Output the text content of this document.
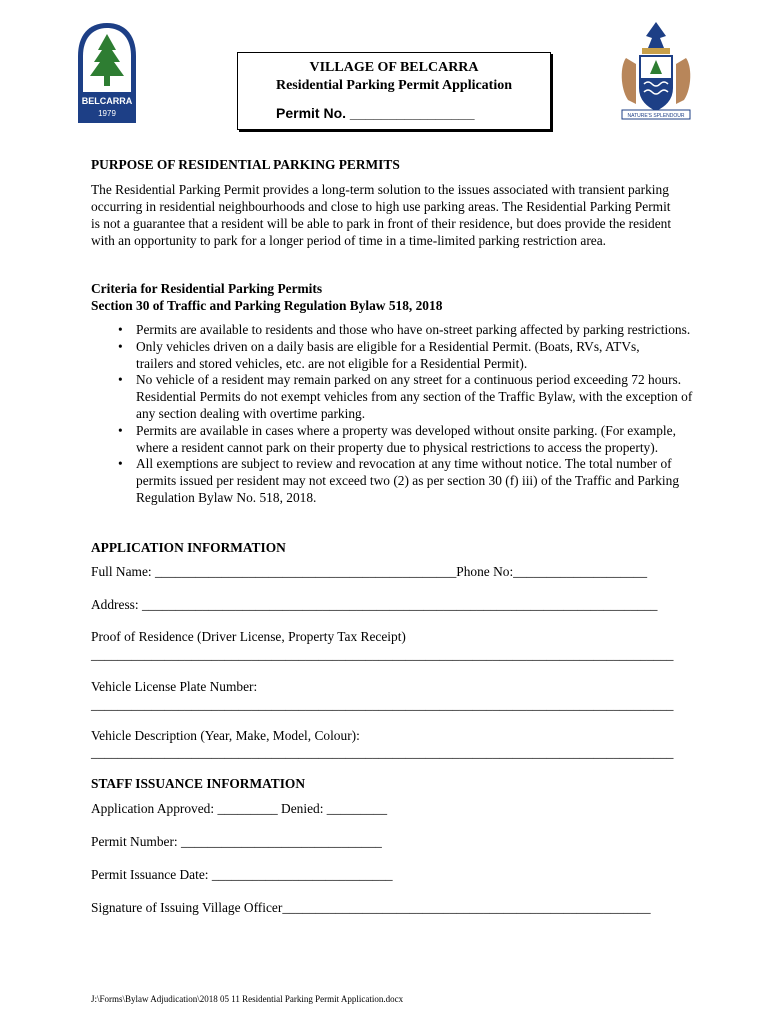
BELCARRA
1979	NATURE'S SPLENDOUR
VILLAGE OF BELCARRA
Residential Parking Permit Application
Permit No. ________________
PURPOSE OF RESIDENTIAL PARKING PERMITS
The Residential Parking Permit provides a long-term solution to the issues associated with transient parking occurring in residential neighbourhoods and close to high use parking areas. The Residential Parking Permit is not a guarantee that a resident will be able to park in front of their residence, but does provide the resident with an opportunity to park for a longer period of time in a time-limited parking restriction area.
Criteria for Residential Parking Permits
Section 30 of Traffic and Parking Regulation Bylaw 518, 2018
• Permits are available to residents and those who have on-street parking affected by parking restrictions.
• Only vehicles driven on a daily basis are eligible for a Residential Permit. (Boats, RVs, ATVs, trailers and stored vehicles, etc. are not eligible for a Residential Permit).
• No vehicle of a resident may remain parked on any street for a continuous period exceeding 72 hours. Residential Permits do not exempt vehicles from any section of the Traffic Bylaw, with the exception of any section dealing with overtime parking.
• Permits are available in cases where a property was developed without onsite parking. (For example, where a resident cannot park on their property due to physical restrictions to access the property).
• All exemptions are subject to review and revocation at any time without notice. The total number of permits issued per resident may not exceed two (2) as per section 30 (f) iii) of the Traffic and Parking Regulation Bylaw No. 518, 2018.
APPLICATION INFORMATION
Full Name: _____________________________________________Phone No:____________________
Address: _____________________________________________________________________________
Proof of Residence (Driver License, Property Tax Receipt)
_______________________________________________________________________________________
Vehicle License Plate Number:
_______________________________________________________________________________________
Vehicle Description (Year, Make, Model, Colour):
_______________________________________________________________________________________
STAFF ISSUANCE INFORMATION
Application Approved: _________ Denied: _________
Permit Number: ______________________________
Permit Issuance Date: ___________________________
Signature of Issuing Village Officer_______________________________________________________
J:\Forms\Bylaw Adjudication\2018 05 11 Residential Parking Permit Application.docx
